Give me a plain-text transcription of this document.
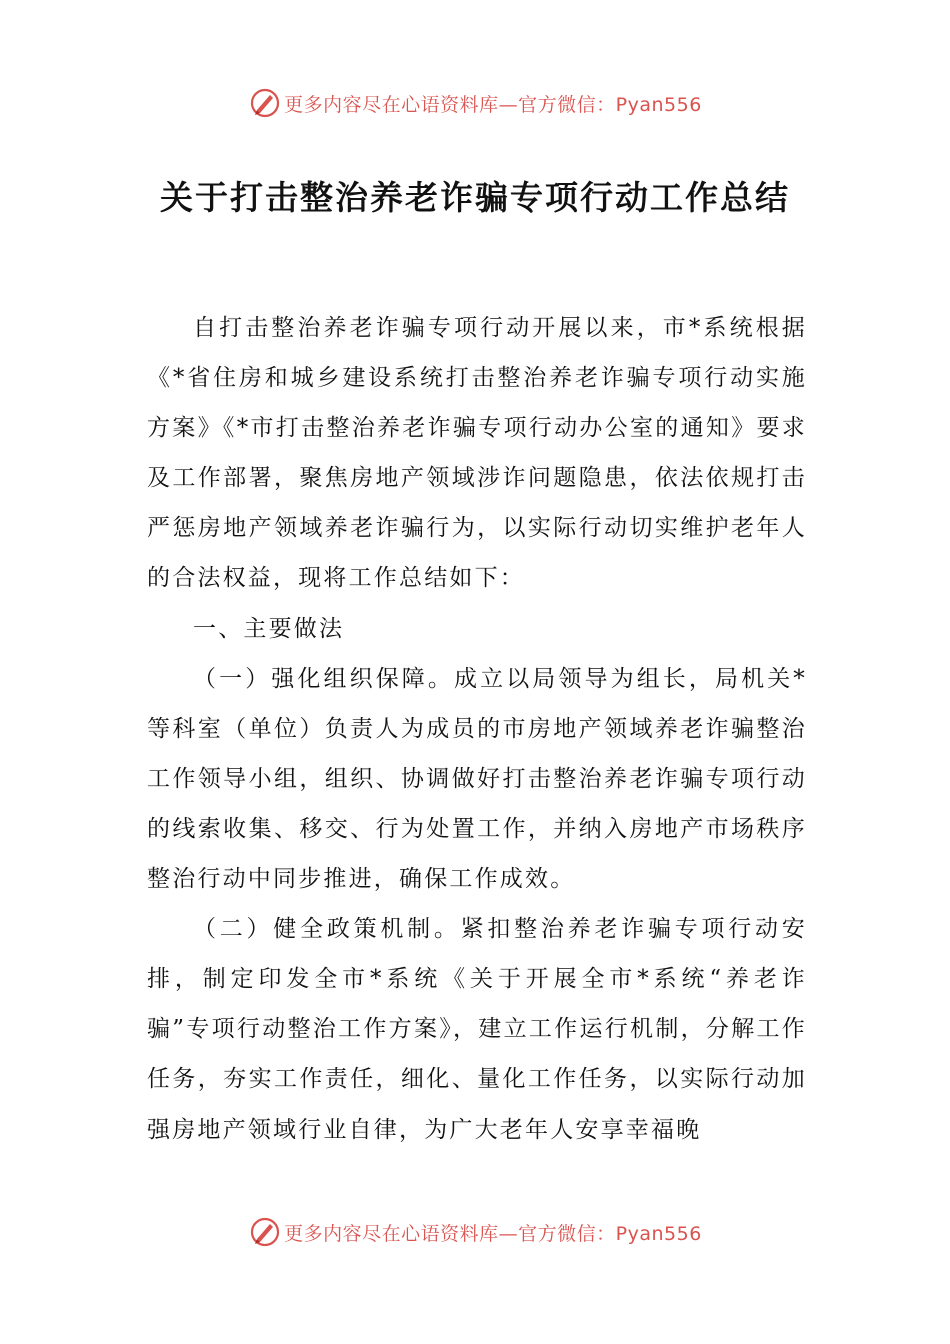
更多内容尽在心语资料库—官方微信：Pyan556
关于打击整治养老诈骗专项行动工作总结

自打击整治养老诈骗专项行动开展以来，市*系统根据《*省住房和城乡建设系统打击整治养老诈骗专项行动实施方案》《*市打击整治养老诈骗专项行动办公室的通知》要求及工作部署，聚焦房地产领域涉诈问题隐患，依法依规打击严惩房地产领域养老诈骗行为，以实际行动切实维护老年人的合法权益，现将工作总结如下：

一、主要做法

（一）强化组织保障。成立以局领导为组长，局机关*等科室（单位）负责人为成员的市房地产领域养老诈骗整治工作领导小组，组织、协调做好打击整治养老诈骗专项行动的线索收集、移交、行为处置工作，并纳入房地产市场秩序整治行动中同步推进，确保工作成效。

（二）健全政策机制。紧扣整治养老诈骗专项行动安排，制定印发全市*系统《关于开展全市*系统“养老诈骗”专项行动整治工作方案》，建立工作运行机制，分解工作任务，夯实工作责任，细化、量化工作任务，以实际行动加强房地产领域行业自律，为广大老年人安享幸福晚

更多内容尽在心语资料库—官方微信：Pyan556
